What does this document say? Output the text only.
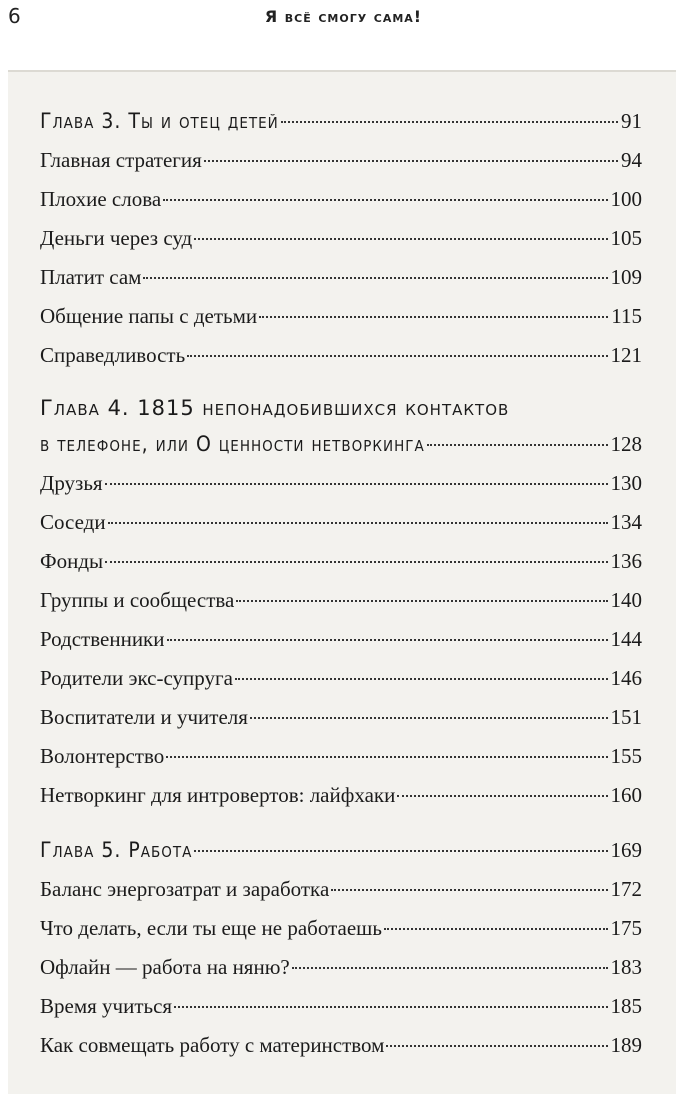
6	Я всё смогу сама!
Глава 3. Ты и отец детей	91
Главная стратегия	94
Плохие слова	100
Деньги через суд	105
Платит сам	109
Общение папы с детьми	115
Справедливость	121
Глава 4. 1815 непонадобившихся контактов
в телефоне, или О ценности нетворкинга	128
Друзья	130
Соседи	134
Фонды	136
Группы и сообщества	140
Родственники	144
Родители экс-супруга	146
Воспитатели и учителя	151
Волонтерство	155
Нетворкинг для интровертов: лайфхаки	160
Глава 5. Работа	169
Баланс энергозатрат и заработка	172
Что делать, если ты еще не работаешь	175
Офлайн — работа на няню?	183
Время учиться	185
Как совмещать работу с материнством	189
